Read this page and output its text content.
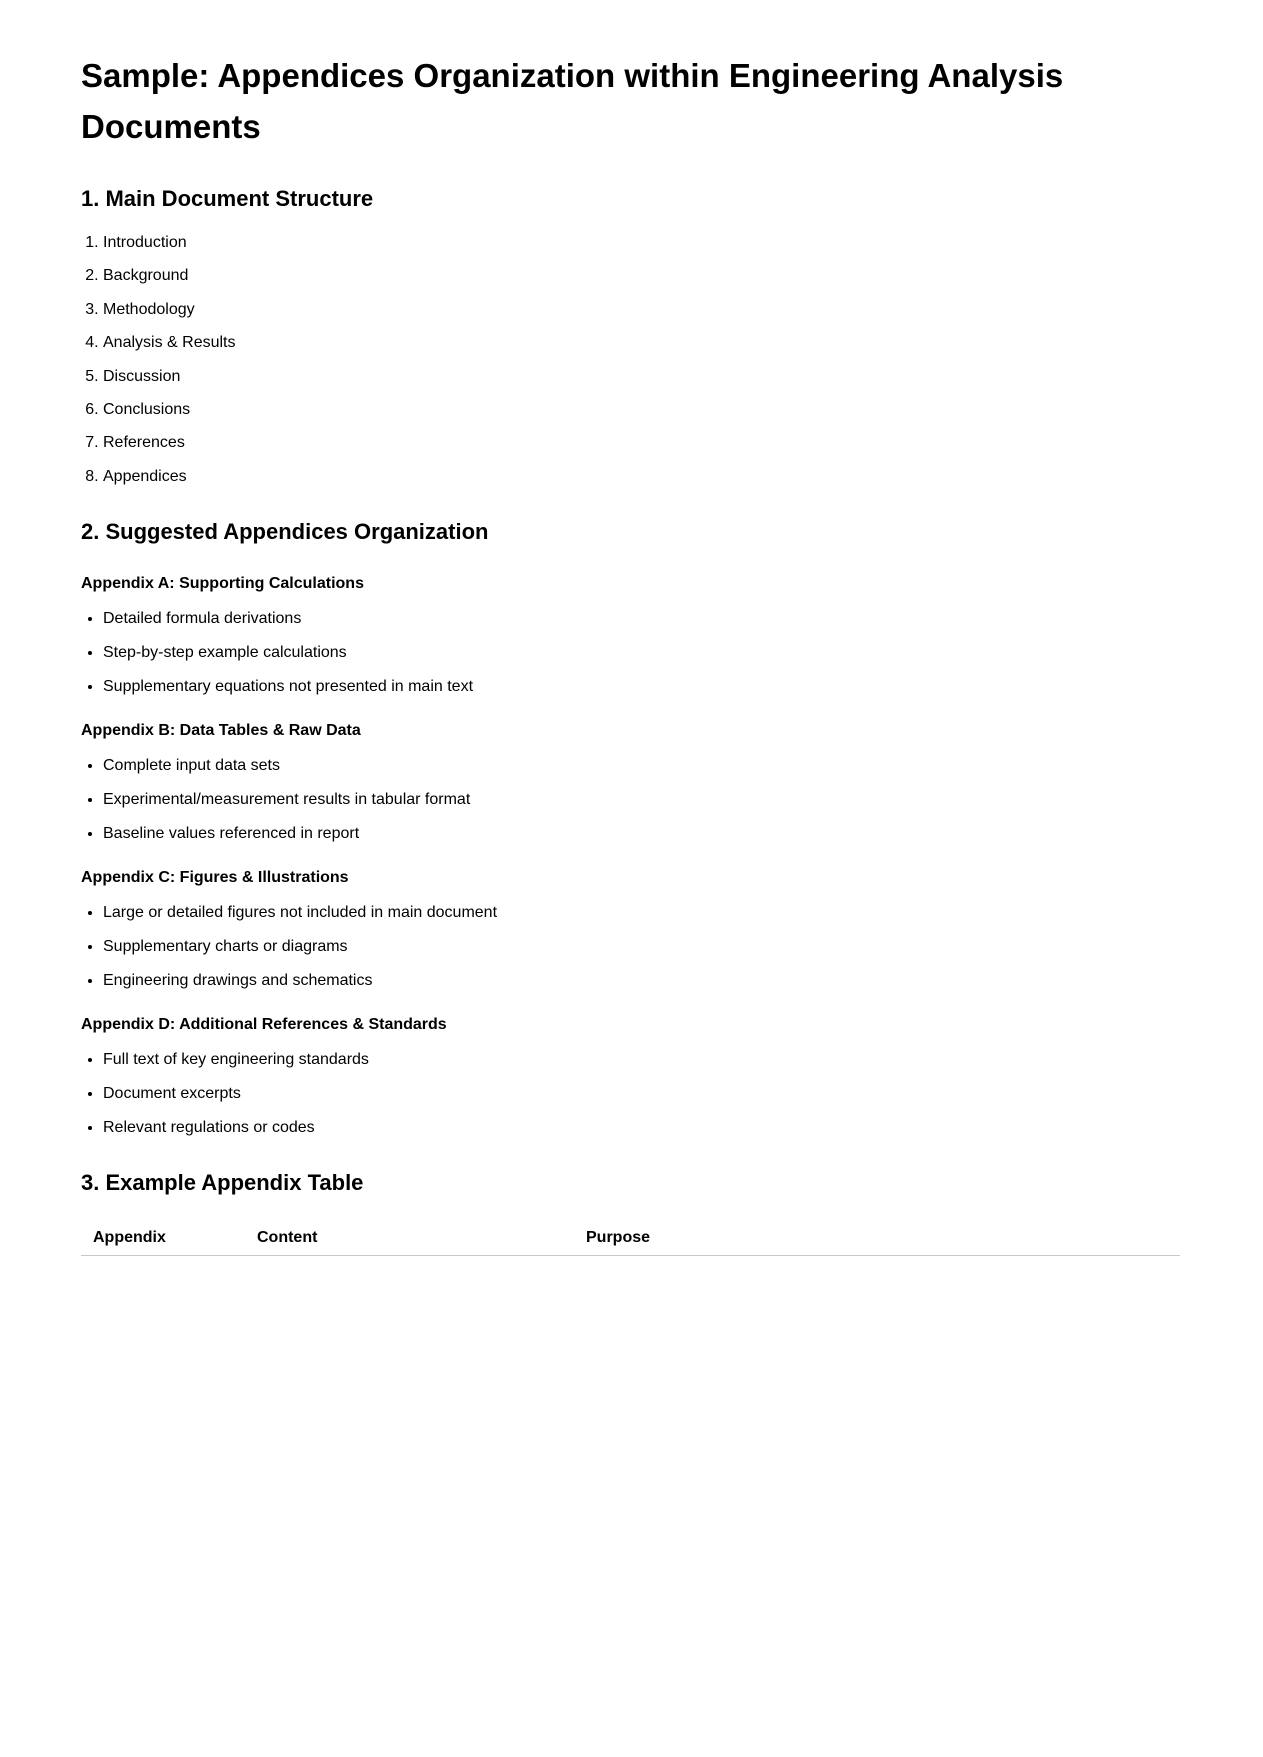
Sample: Appendices Organization within Engineering Analysis Documents
1. Main Document Structure
1. Introduction
2. Background
3. Methodology
4. Analysis & Results
5. Discussion
6. Conclusions
7. References
8. Appendices
2. Suggested Appendices Organization
Appendix A: Supporting Calculations
• Detailed formula derivations
• Step-by-step example calculations
• Supplementary equations not presented in main text
Appendix B: Data Tables & Raw Data
• Complete input data sets
• Experimental/measurement results in tabular format
• Baseline values referenced in report
Appendix C: Figures & Illustrations
• Large or detailed figures not included in main document
• Supplementary charts or diagrams
• Engineering drawings and schematics
Appendix D: Additional References & Standards
• Full text of key engineering standards
• Document excerpts
• Relevant regulations or codes
3. Example Appendix Table
Appendix	Content	Purpose
